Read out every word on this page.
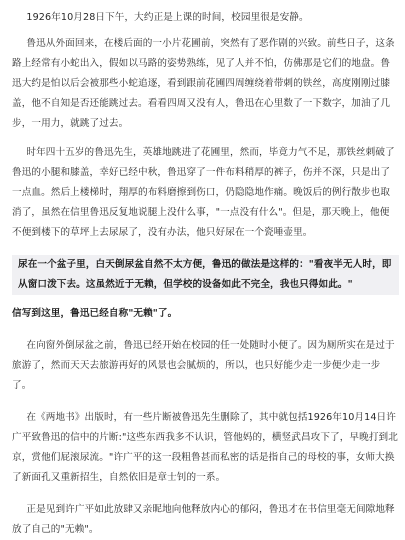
1926年10月28日下午，大约正是上课的时间，校园里很是安静。

鲁迅从外面回来，在楼后面的一小片花圃前，突然有了恶作剧的兴致。前些日子，这条路上经常有小蛇出入，假如以马路的姿势熟练，见了人并不怕，仿佛那是它们的地盘。鲁迅大约是怕以后会被那些小蛇追逐，看到跟前花圃四周缠绕着带刺的铁丝，高度刚刚过膝盖，他不自知是否还能跳过去。看看四周又没有人，鲁迅在心里数了一下数字，加油了几步，一用力，就跳了过去。

时年四十五岁的鲁迅先生，英雄地跳进了花圃里，然而，毕竟力气不足，那铁丝刺破了鲁迅的小腿和膝盖，幸好已经中秋，鲁迅穿了一件布料稍厚的裤子，伤并不深，只是出了一点血。然后上楼梯时，翔厚的布料磨擦到伤口，仍隐隐地作痛。晚饭后的例行散步也取消了，虽然在信里鲁迅反复地说腿上没什么事，"一点没有什么"。但是，那天晚上，他便不便到楼下的草坪上去尿尿了，没有办法，他只好尿在一个瓷唾壶里。

尿在一个盆子里，白天倒尿盆自然不太方便，鲁迅的做法是这样的："看夜半无人时，即从窗口泼下去。这虽然近于无赖，但学校的设备如此不完全，我也只得如此。"

信写到这里，鲁迅已经自称"无赖"了。

在向窗外倒尿盆之前，鲁迅已经开始在校园的任一处随时小便了。因为厕所实在是过于旅游了，然而天天去旅游再好的风景也会腻烦的，所以，也只好能少走一步便少走一步了。

在《两地书》出版时，有一些片断被鲁迅先生删除了，其中就包括1926年10月14日许广平致鲁迅的信中的片断:"这些东西我多不认识，管他妈的，横竖武昌攻下了，早晚打到北京，赏他们屁滚尿流。"许广平的这一段粗鲁甚而私密的话是指自己的母校的事，女师大换了新面孔又重新招生，自然依旧是章士钊的一系。

正是见到许广平如此放肆又亲昵地向他释放内心的郁闷，鲁迅才在书信里毫无间隙地释放了自己的"无赖"。
